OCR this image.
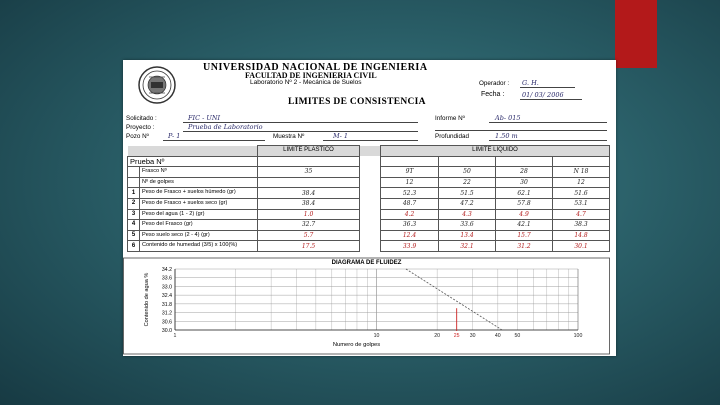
UNIVERSIDAD NACIONAL DE INGENIERIA
FACULTAD DE INGENIERIA CIVIL
Laboratorio Nº 2 - Mecánica de Suelos
LIMITES DE CONSISTENCIA
Operador : G. H.
Fecha :	01/ 03/ 2006
Solicitado :	FIC - UNI
Proyecto :	Prueba de Laboratorio
Pozo Nº	P- 1	Muestra Nº	M- 1
Informe Nº	Ab- 015
Profundidad	1.50 m
		LIMITE PLASTICO		LIMITE LIQUIDO			
Prueba Nº							
	Frasco Nº	35		9T	50	28	N 18
	Nº de golpes			12	22	30	12
1	Peso de Frasco + suelos húmedo (gr)	38.4		52.3	51.5	62.1	51.6
2	Peso de Frasco + suelos seco (gr)	38.4		48.7	47.2	57.8	53.1
3	Peso del agua (1 - 2) (gr)	1.0		4.2	4.3	4.9	4.7
4	Peso del Frasco (gr)	32.7		36.3	33.6	42.1	38.3
5	Peso suelo seco (2 - 4) (gr)	5.7		12.4	13.4	15.7	14.8
6	Contenido de humedad (3/5) x 100(%)	17.5		33.9	32.1	31.2	30.1
DIAGRAMA DE FLUIDEZ
30.0
30.6
31.2
31.8
32.4
33.0
33.6
34.2
1	10	20	25 30	40	50	100
Numero de golpes
Contenido de agua %
